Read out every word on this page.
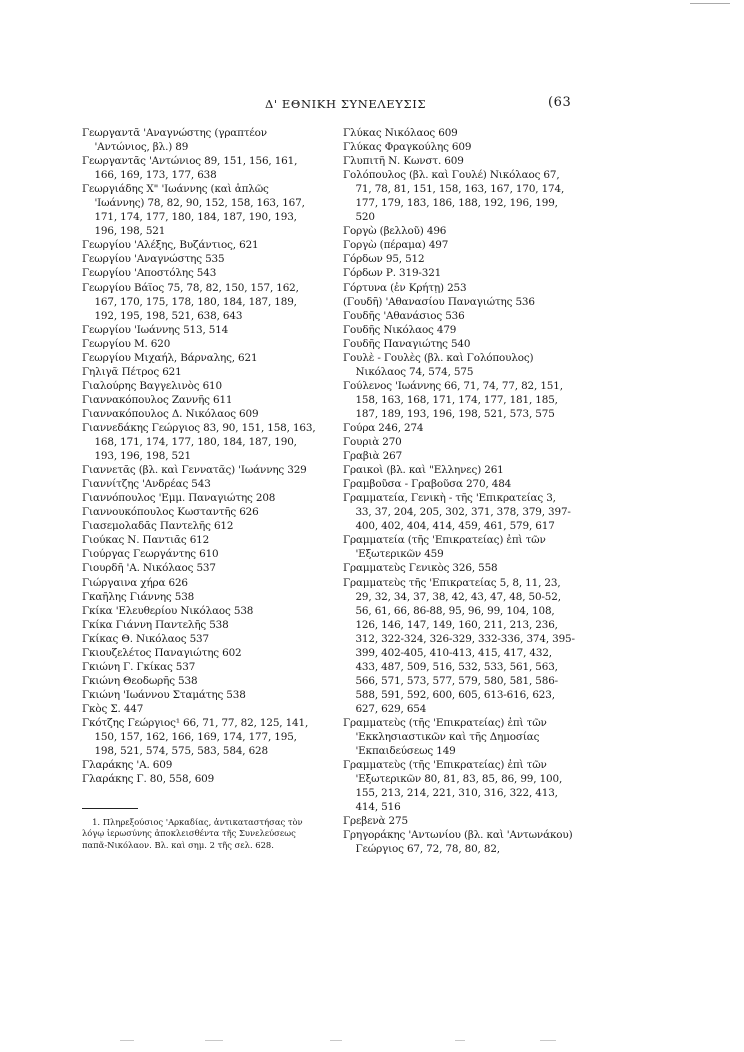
Δ' ΕΘΝΙΚΗ ΣΥΝΕΛΕΥΣΙΣ	(63

Γεωργαντᾶ 'Αναγνώστης (γραπτέον 'Αντώνιος, βλ.) 89

Γεωργαντᾶς 'Αντώνιος 89, 151, 156, 161, 166, 169, 173, 177, 638

Γεωργιάδης Χ" 'Ιωάννης (καὶ ἁπλῶς 'Ιωάννης) 78, 82, 90, 152, 158, 163, 167, 171, 174, 177, 180, 184, 187, 190, 193, 196, 198, 521

Γεωργίου 'Αλέξης, Βυζάντιος, 621

Γεωργίου 'Αναγνώστης 535

Γεωργίου 'Αποστόλης 543

Γεωργίου Βάϊος 75, 78, 82, 150, 157, 162, 167, 170, 175, 178, 180, 184, 187, 189, 192, 195, 198, 521, 638, 643

Γεωργίου 'Ιωάννης 513, 514

Γεωργίου Μ. 620

Γεωργίου Μιχαήλ, Βάρναλης, 621

Γηλιγᾶ Πέτρος 621

Γιαλούρης Βαγγελινὸς 610

Γιαννακόπουλος Ζαννῆς 611

Γιαννακόπουλος Δ. Νικόλαος 609

Γιαννεδάκης Γεώργιος 83, 90, 151, 158, 163, 168, 171, 174, 177, 180, 184, 187, 190, 193, 196, 198, 521

Γιαννετᾶς (βλ. καὶ Γεννατᾶς) 'Ιωάννης 329

Γιαννίτζης 'Ανδρέας 543

Γιαννόπουλος 'Εμμ. Παναγιώτης 208

Γιαννουκόπουλος Κωσταντῆς 626

Γιασεμολαδᾶς Παντελῆς 612

Γιούκας Ν. Παντιᾶς 612

Γιούργας Γεωργάντης 610

Γιουρδῆ 'Α. Νικόλαος 537

Γιώργαινα χήρα 626

Γκαῆλης Γιάννης 538

Γκίκα 'Ελευθερίου Νικόλαος 538

Γκίκα Γιάννη Παντελῆς 538

Γκίκας Θ. Νικόλαος 537

Γκιουζελέτος Παναγιώτης 602

Γκιώνη Γ. Γκίκας 537

Γκιώνη Θεοδωρῆς 538

Γκιώνη 'Ιωάννου Σταμάτης 538

Γκὸς Σ. 447

Γκότζης Γεώργιος¹ 66, 71, 77, 82, 125, 141, 150, 157, 162, 166, 169, 174, 177, 195, 198, 521, 574, 575, 583, 584, 628

Γλαράκης 'Α. 609

Γλαράκης Γ. 80, 558, 609

Γλύκας Νικόλαος 609

Γλύκας Φραγκούλης 609

Γλυπιτῆ Ν. Κωνστ. 609

Γολόπουλος (βλ. καὶ Γουλέ) Νικόλαος 67, 71, 78, 81, 151, 158, 163, 167, 170, 174, 177, 179, 183, 186, 188, 192, 196, 199, 520

Γοργὼ (βελλοῦ) 496

Γοργὼ (πέραμα) 497

Γόρδων 95, 512

Γόρδων Ρ. 319-321

Γόρτυνα (ἐν Κρήτῃ) 253

(Γουδῆ) 'Αθανασίου Παναγιώτης 536

Γουδῆς 'Αθανάσιος 536

Γουδῆς Νικόλαος 479

Γουδῆς Παναγιώτης 540

Γουλὲ - Γουλὲς (βλ. καὶ Γολόπουλος) Νικόλαος 74, 574, 575

Γούλενος 'Ιωάννης 66, 71, 74, 77, 82, 151, 158, 163, 168, 171, 174, 177, 181, 185, 187, 189, 193, 196, 198, 521, 573, 575

Γούρα 246, 274

Γουριὰ 270

Γραβιὰ 267

Γραικοὶ (βλ. καὶ "Ελληνες) 261

Γραμβοῦσα - Γραβοῦσα 270, 484

Γραμματεία, Γενικὴ - τῆς 'Επικρατείας 3, 33, 37, 204, 205, 302, 371, 378, 379, 397-400, 402, 404, 414, 459, 461, 579, 617

Γραμματεία (τῆς 'Επικρατείας) ἐπὶ τῶν 'Εξωτερικῶν 459

Γραμματεὺς Γενικὸς 326, 558

Γραμματεὺς τῆς 'Επικρατείας 5, 8, 11, 23, 29, 32, 34, 37, 38, 42, 43, 47, 48, 50-52, 56, 61, 66, 86-88, 95, 96, 99, 104, 108, 126, 146, 147, 149, 160, 211, 213, 236, 312, 322-324, 326-329, 332-336, 374, 395-399, 402-405, 410-413, 415, 417, 432, 433, 487, 509, 516, 532, 533, 561, 563, 566, 571, 573, 577, 579, 580, 581, 586-588, 591, 592, 600, 605, 613-616, 623, 627, 629, 654

Γραμματεὺς (τῆς 'Επικρατείας) ἐπὶ τῶν 'Εκκλησιαστικῶν καὶ τῆς Δημοσίας 'Εκπαιδεύσεως 149

Γραμματεὺς (τῆς 'Επικρατείας) ἐπὶ τῶν 'Εξωτερικῶν 80, 81, 83, 85, 86, 99, 100, 155, 213, 214, 221, 310, 316, 322, 413, 414, 516

Γρεβενὰ 275

Γρηγοράκης 'Αντωνίου (βλ. καὶ 'Αντωνάκου) Γεώργιος 67, 72, 78, 80, 82,

1. Πληρεξούσιος 'Αρκαδίας, ἀντικαταστήσας τὸν λόγῳ ἱερωσύνης ἀποκλεισθέντα τῆς Συνελεύσεως παπᾶ-Νικόλαον. Βλ. καὶ σημ. 2 τῆς σελ. 628.
